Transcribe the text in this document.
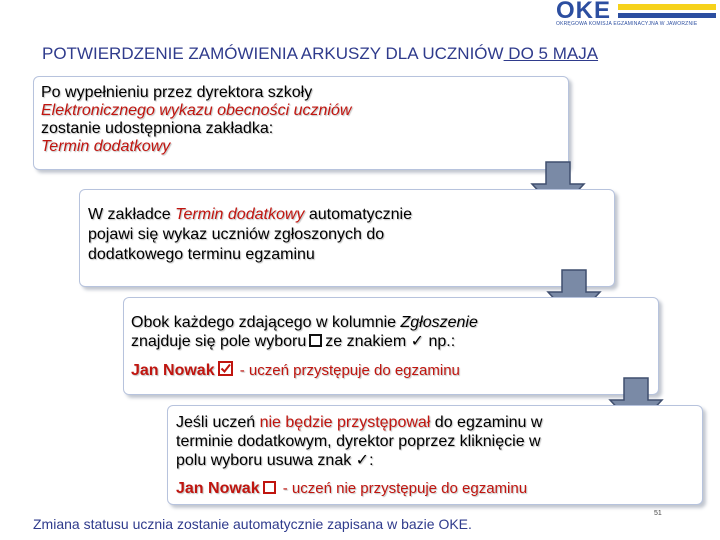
OKE
OKRĘGOWA KOMISJA EGZAMINACYJNA W JAWORZNIE
POTWIERDZENIE ZAMÓWIENIA ARKUSZY DLA UCZNIÓW DO 5 MAJA
Po wypełnieniu przez dyrektora szkoły
Elektronicznego wykazu obecności uczniów
zostanie udostępniona zakładka:
Termin dodatkowy
W zakładce Termin dodatkowy automatycznie
pojawi się wykaz uczniów zgłoszonych do
dodatkowego terminu egzaminu
Obok każdego zdającego w kolumnie Zgłoszenie
znajduje się pole wyboru ze znakiem ✓ np.:
Jan Nowak
- uczeń przystępuje do egzaminu
Jeśli uczeń nie będzie przystępował do egzaminu w
terminie dodatkowym, dyrektor poprzez kliknięcie w
polu wyboru usuwa znak ✓:
Jan Nowak - uczeń nie przystępuje do egzaminu
Zmiana statusu ucznia zostanie automatycznie zapisana w bazie OKE.
51
